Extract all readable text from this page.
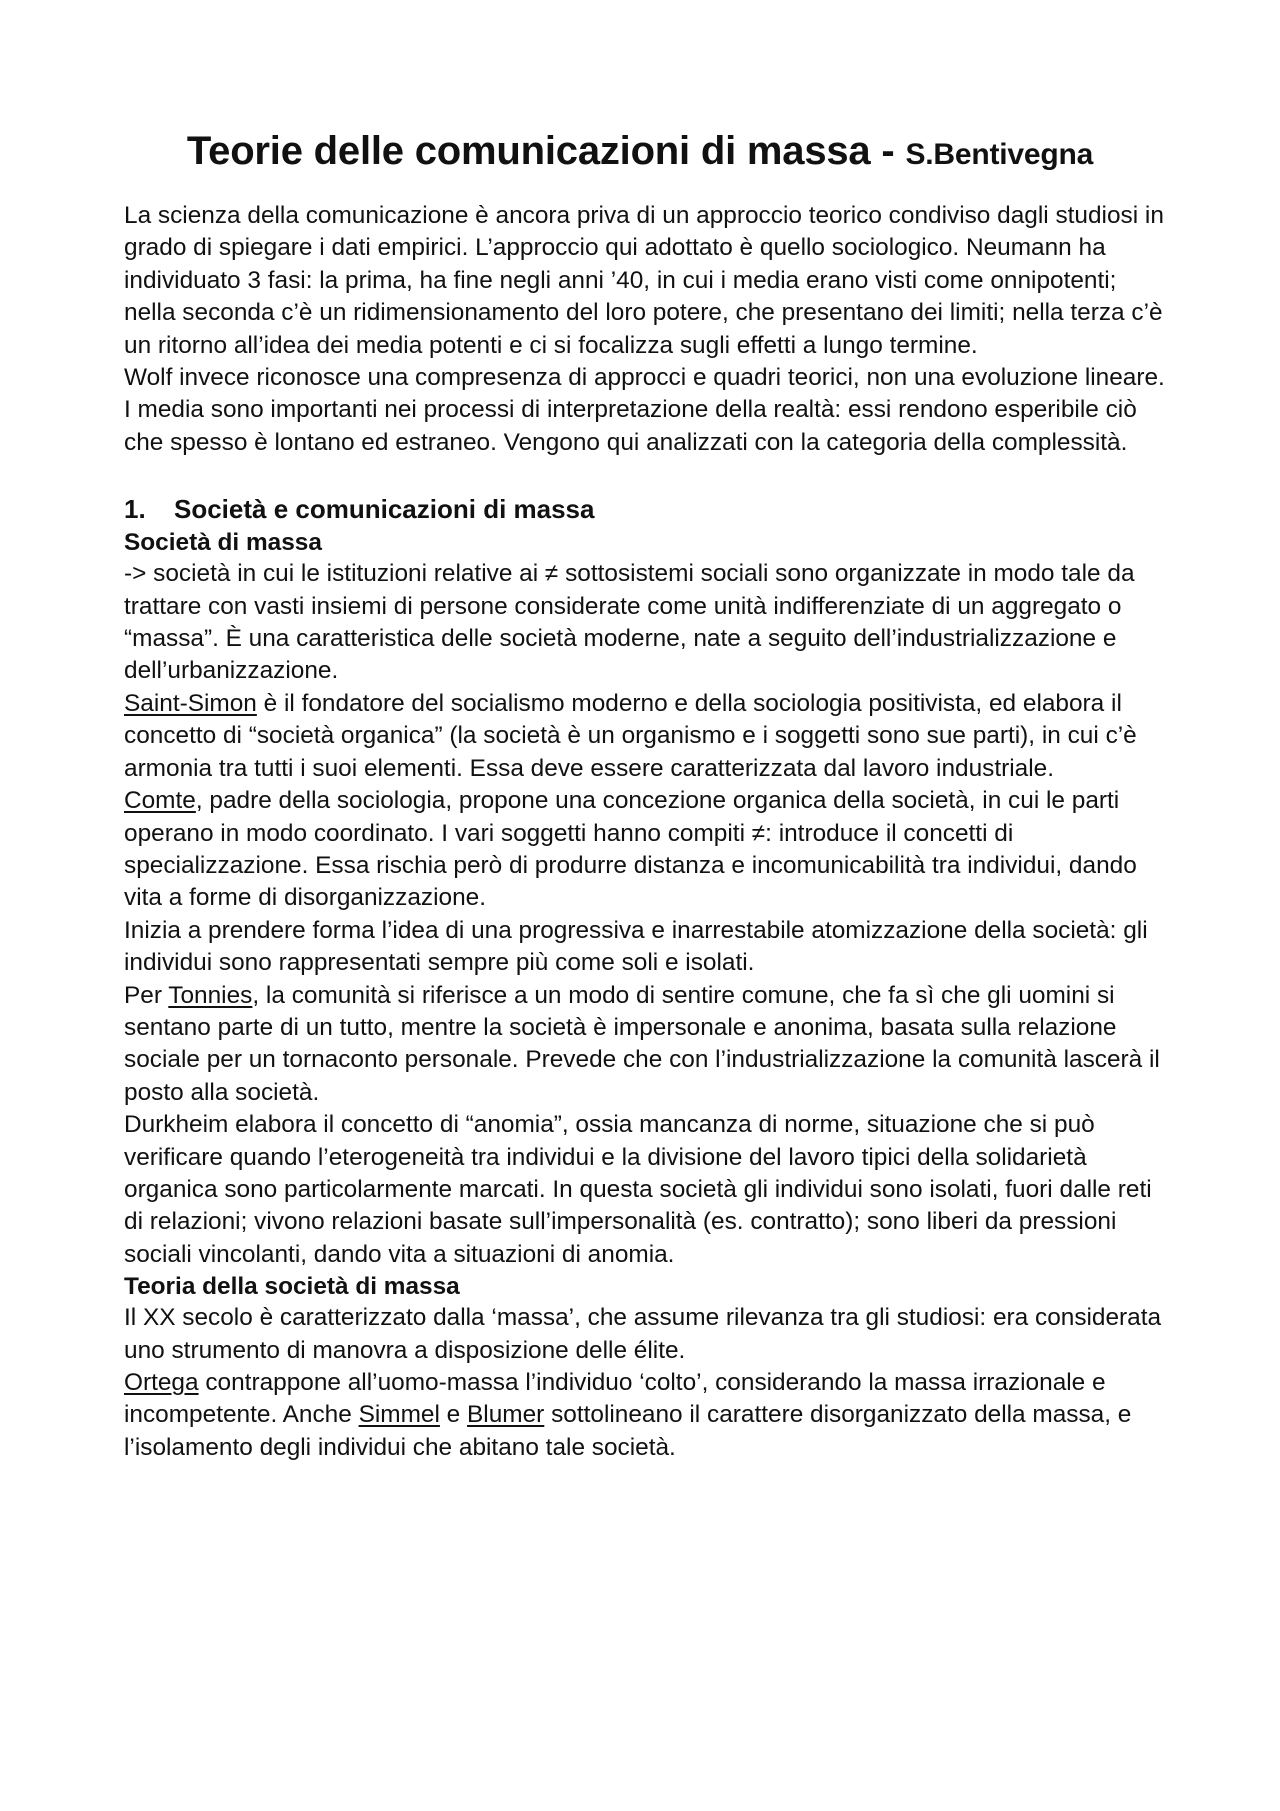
Teorie delle comunicazioni di massa - S.Bentivegna

La scienza della comunicazione è ancora priva di un approccio teorico condiviso dagli studiosi in grado di spiegare i dati empirici. L’approccio qui adottato è quello sociologico. Neumann ha individuato 3 fasi: la prima, ha fine negli anni ’40, in cui i media erano visti come onnipotenti; nella seconda c’è un ridimensionamento del loro potere, che presentano dei limiti; nella terza c’è un ritorno all’idea dei media potenti e ci si focalizza sugli effetti a lungo termine.

Wolf invece riconosce una compresenza di approcci e quadri teorici, non una evoluzione lineare.

I media sono importanti nei processi di interpretazione della realtà: essi rendono esperibile ciò che spesso è lontano ed estraneo. Vengono qui analizzati con la categoria della complessità.

1. Società e comunicazioni di massa
Società di massa

-> società in cui le istituzioni relative ai ≠ sottosistemi sociali sono organizzate in modo tale da trattare con vasti insiemi di persone considerate come unità indifferenziate di un aggregato o “massa”. È una caratteristica delle società moderne, nate a seguito dell’industrializzazione e dell’urbanizzazione.

Saint-Simon è il fondatore del socialismo moderno e della sociologia positivista, ed elabora il concetto di “società organica” (la società è un organismo e i soggetti sono sue parti), in cui c’è armonia tra tutti i suoi elementi. Essa deve essere caratterizzata dal lavoro industriale.

Comte, padre della sociologia, propone una concezione organica della società, in cui le parti operano in modo coordinato. I vari soggetti hanno compiti ≠: introduce il concetti di specializzazione. Essa rischia però di produrre distanza e incomunicabilità tra individui, dando vita a forme di disorganizzazione.

Inizia a prendere forma l’idea di una progressiva e inarrestabile atomizzazione della società: gli individui sono rappresentati sempre più come soli e isolati.

Per Tonnies, la comunità si riferisce a un modo di sentire comune, che fa sì che gli uomini si sentano parte di un tutto, mentre la società è impersonale e anonima, basata sulla relazione sociale per un tornaconto personale. Prevede che con l’industrializzazione la comunità lascerà il posto alla società.

Durkheim elabora il concetto di “anomia”, ossia mancanza di norme, situazione che si può verificare quando l’eterogeneità tra individui e la divisione del lavoro tipici della solidarietà organica sono particolarmente marcati. In questa società gli individui sono isolati, fuori dalle reti di relazioni; vivono relazioni basate sull’impersonalità (es. contratto); sono liberi da pressioni sociali vincolanti, dando vita a situazioni di anomia.

Teoria della società di massa

Il XX secolo è caratterizzato dalla ‘massa’, che assume rilevanza tra gli studiosi: era considerata uno strumento di manovra a disposizione delle élite.

Ortega contrappone all’uomo-massa l’individuo ‘colto’, considerando la massa irrazionale e incompetente. Anche Simmel e Blumer sottolineano il carattere disorganizzato della massa, e l’isolamento degli individui che abitano tale società.
